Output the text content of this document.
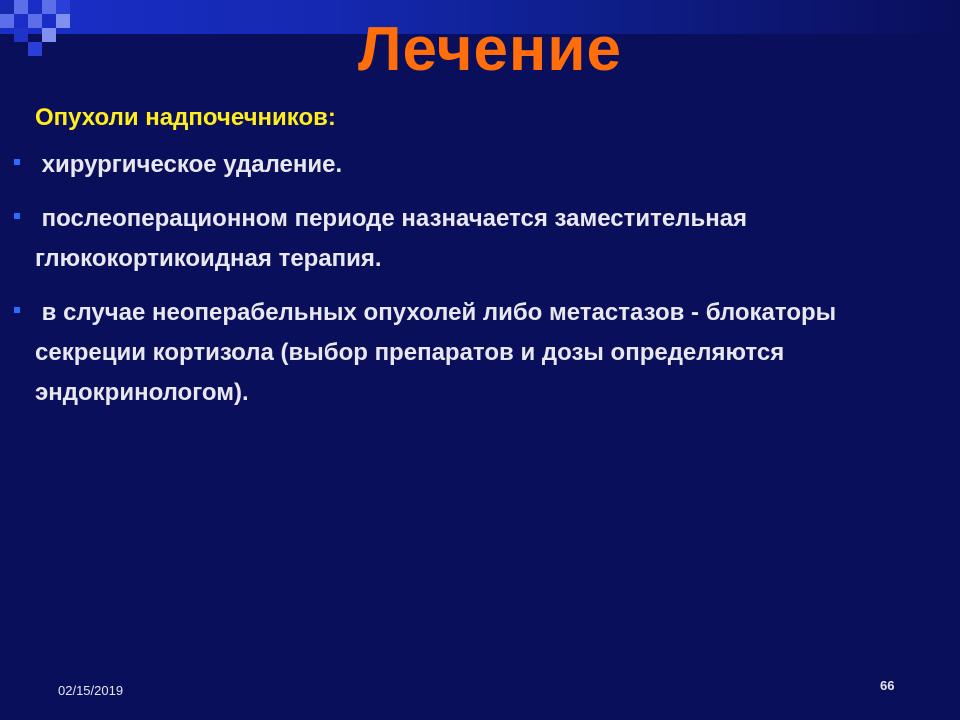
Лечение
Опухоли надпочечников:
хирургическое удаление.
послеоперационном периоде назначается заместительная глюкокортикоидная терапия.
в случае неоперабельных опухолей либо метастазов - блокаторы секреции кортизола (выбор препаратов и дозы определяются эндокринологом).
02/15/2019	66
